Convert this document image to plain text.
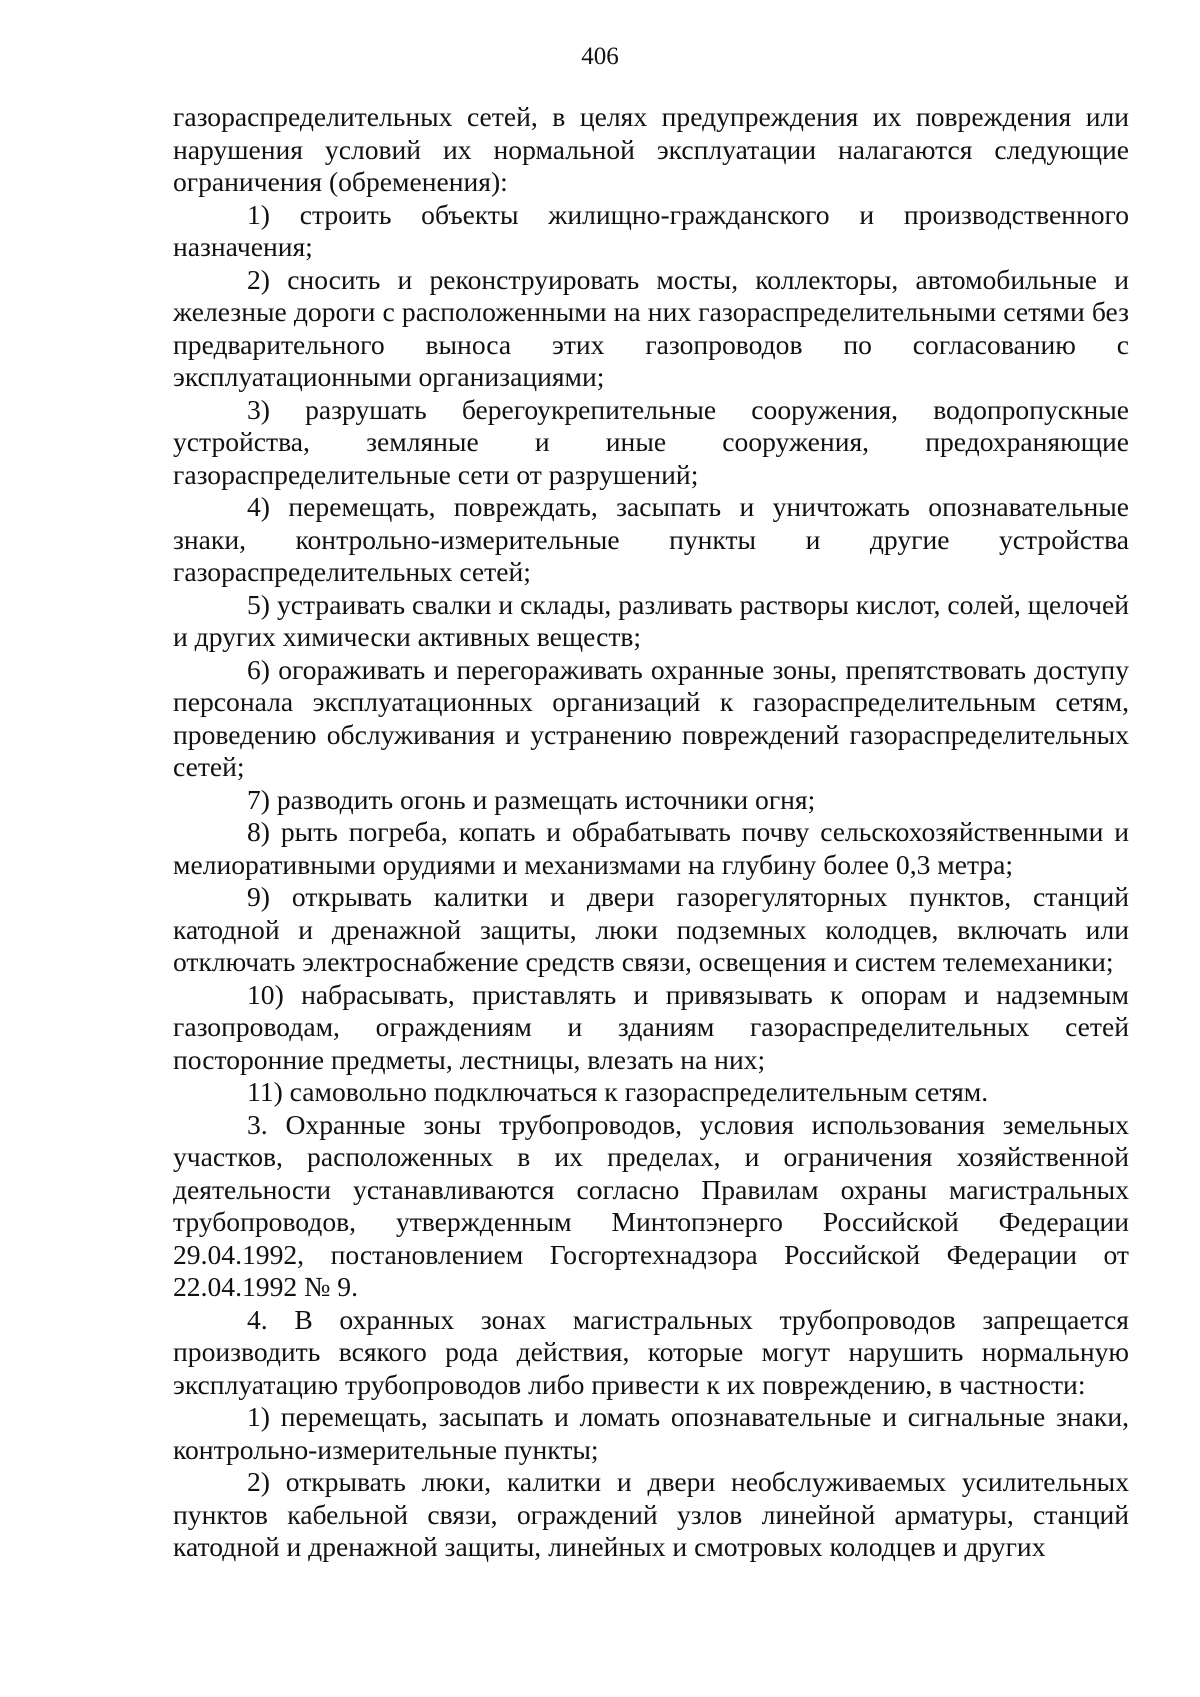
406

газораспределительных сетей, в целях предупреждения их повреждения или нарушения условий их нормальной эксплуатации налагаются следующие ограничения (обременения):

1) строить объекты жилищно-гражданского и производственного назначения;

2) сносить и реконструировать мосты, коллекторы, автомобильные и железные дороги с расположенными на них газораспределительными сетями без предварительного выноса этих газопроводов по согласованию с эксплуатационными организациями;

3) разрушать берегоукрепительные сооружения, водопропускные устройства, земляные и иные сооружения, предохраняющие газораспределительные сети от разрушений;

4) перемещать, повреждать, засыпать и уничтожать опознавательные знаки, контрольно-измерительные пункты и другие устройства газораспределительных сетей;

5) устраивать свалки и склады, разливать растворы кислот, солей, щелочей и других химически активных веществ;

6) огораживать и перегораживать охранные зоны, препятствовать доступу персонала эксплуатационных организаций к газораспределительным сетям, проведению обслуживания и устранению повреждений газораспределительных сетей;

7) разводить огонь и размещать источники огня;

8) рыть погреба, копать и обрабатывать почву сельскохозяйственными и мелиоративными орудиями и механизмами на глубину более 0,3 метра;

9) открывать калитки и двери газорегуляторных пунктов, станций катодной и дренажной защиты, люки подземных колодцев, включать или отключать электроснабжение средств связи, освещения и систем телемеханики;

10) набрасывать, приставлять и привязывать к опорам и надземным газопроводам, ограждениям и зданиям газораспределительных сетей посторонние предметы, лестницы, влезать на них;

11) самовольно подключаться к газораспределительным сетям.

3. Охранные зоны трубопроводов, условия использования земельных участков, расположенных в их пределах, и ограничения хозяйственной деятельности устанавливаются согласно Правилам охраны магистральных трубопроводов, утвержденным Минтопэнерго Российской Федерации 29.04.1992, постановлением Госгортехнадзора Российской Федерации от 22.04.1992 № 9.

4. В охранных зонах магистральных трубопроводов запрещается производить всякого рода действия, которые могут нарушить нормальную эксплуатацию трубопроводов либо привести к их повреждению, в частности:

1) перемещать, засыпать и ломать опознавательные и сигнальные знаки, контрольно-измерительные пункты;

2) открывать люки, калитки и двери необслуживаемых усилительных пунктов кабельной связи, ограждений узлов линейной арматуры, станций катодной и дренажной защиты, линейных и смотровых колодцев и других
